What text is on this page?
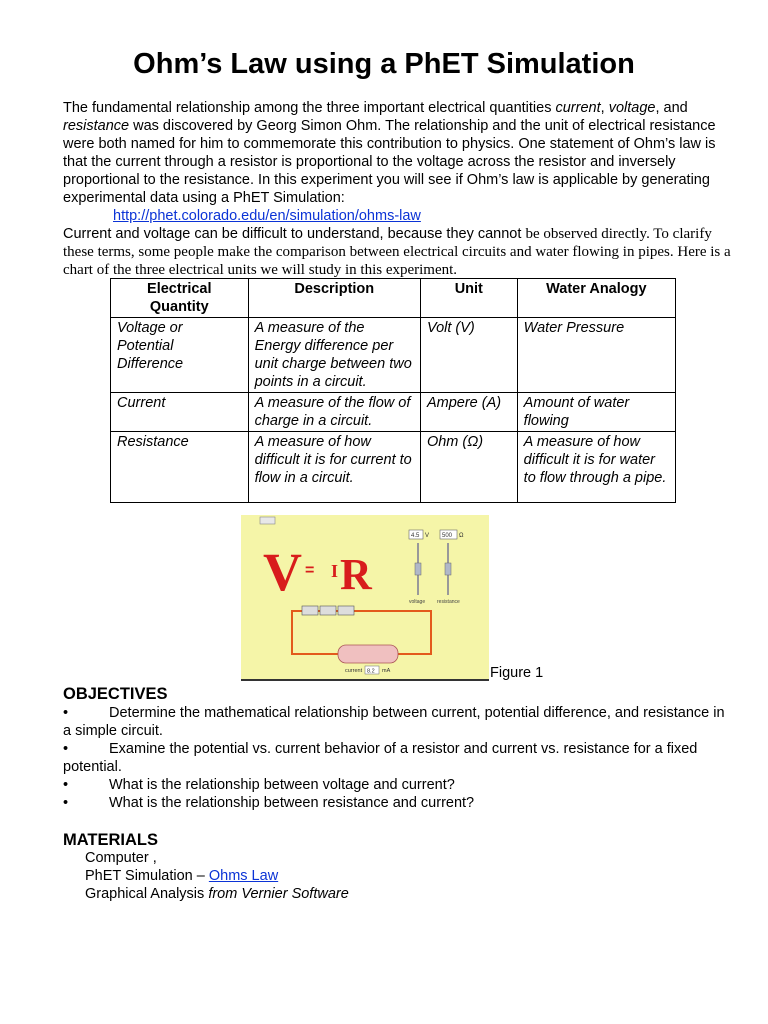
Ohm’s Law using a PhET Simulation

The fundamental relationship among the three important electrical quantities current, voltage, and resistance was discovered by Georg Simon Ohm. The relationship and the unit of electrical resistance were both named for him to commemorate this contribution to physics. One statement of Ohm’s law is that the current through a resistor is proportional to the voltage across the resistor and inversely proportional to the resistance. In this experiment you will see if Ohm’s law is applicable by generating experimental data using a PhET Simulation:

http://phet.colorado.edu/en/simulation/ohms-law

Current and voltage can be difficult to understand, because they cannot be observed directly. To clarify these terms, some people make the comparison between electrical circuits and water flowing in pipes. Here is a chart of the three electrical units we will study in this experiment.

Electrical Quantity	Description	Unit	Water Analogy
Voltage or Potential Difference	A measure of the Energy difference per unit charge between two points in a circuit.	Volt (V)	Water Pressure
Current	A measure of the flow of charge in a circuit.	Ampere (A)	Amount of water flowing
Resistance	A measure of how difficult it is for current to flow in a circuit.	Ohm (Ω)	A measure of how difficult it is for water to flow through a pipe.
V = I R
4.5 V 500 Ω
voltage resistance
current 8.2 mA	Figure 1
OBJECTIVES
•	Determine the mathematical relationship between current, potential difference, and resistance in a simple circuit.
•	Examine the potential vs. current behavior of a resistor and current vs. resistance for a fixed potential.
•	What is the relationship between voltage and current?
•	What is the relationship between resistance and current?
MATERIALS
Computer ,
PhET Simulation – Ohms Law
Graphical Analysis from Vernier Software
